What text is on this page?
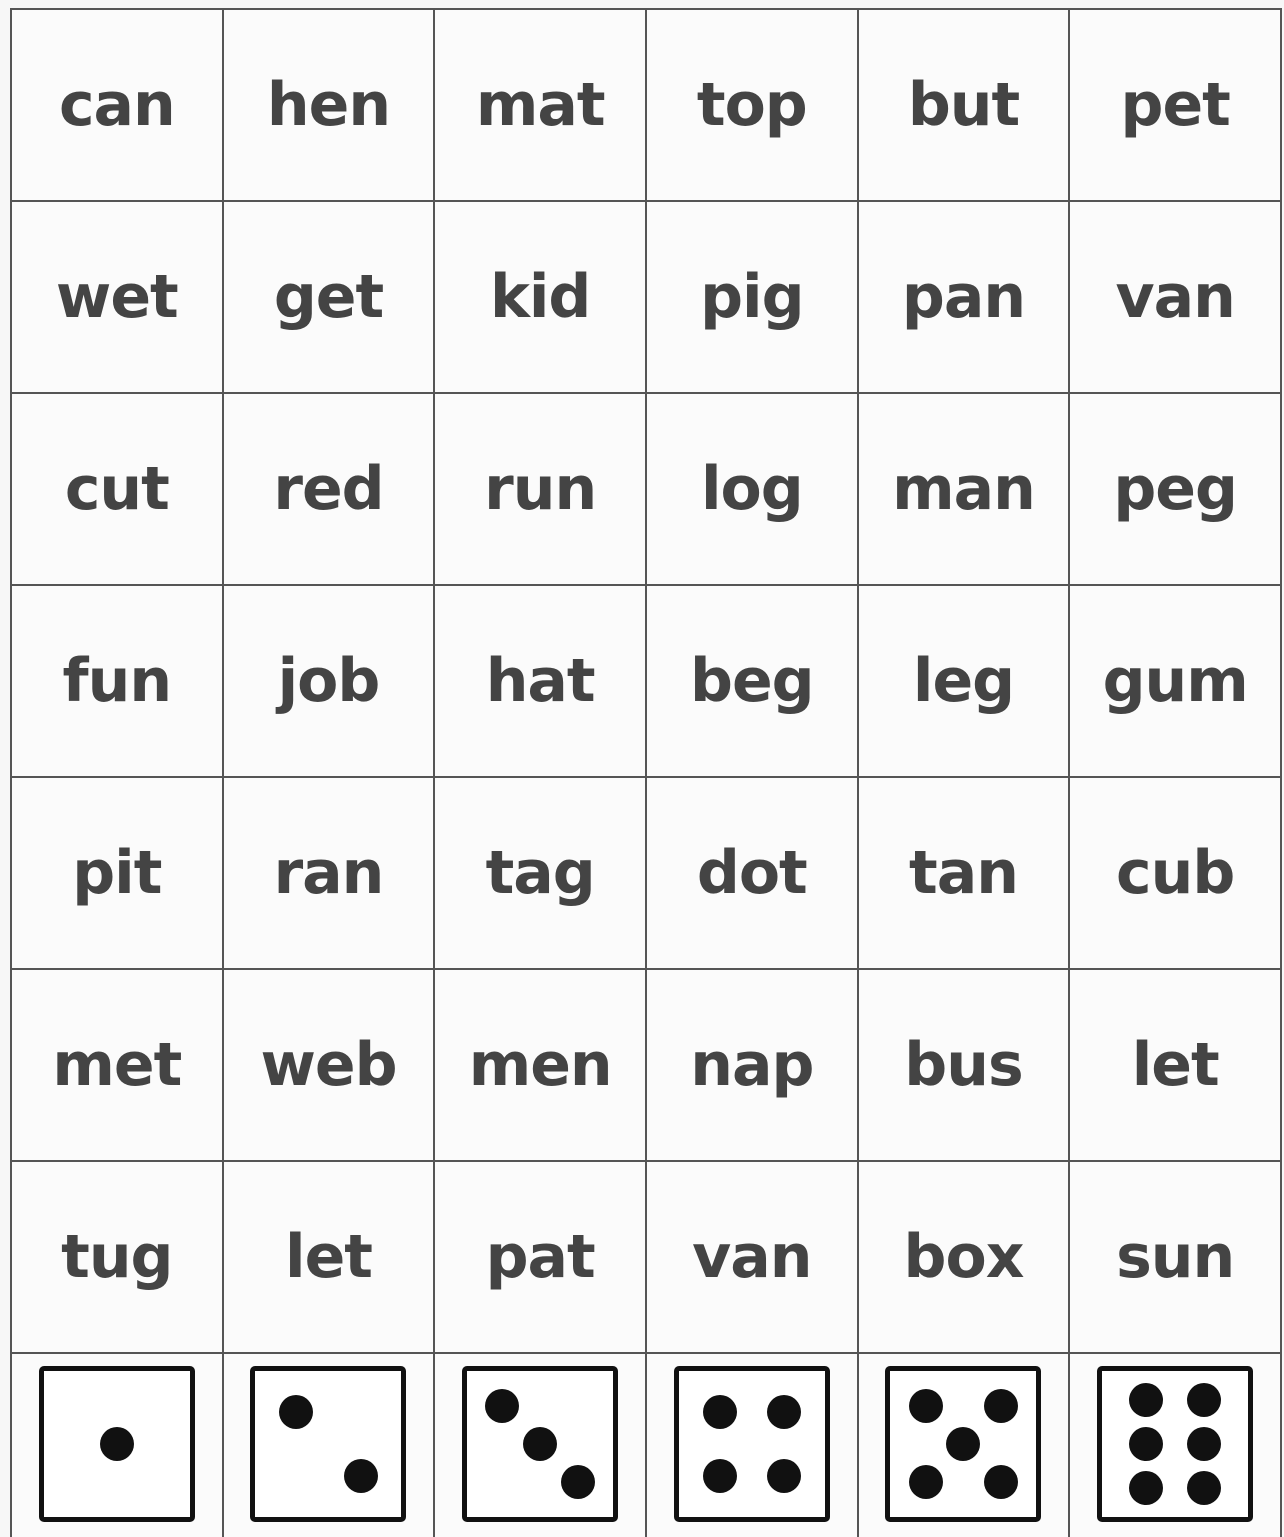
can hen mat top but pet
wet get kid pig pan van
cut red run log man peg
fun job hat beg leg gum
pit ran tag dot tan cub
met web men nap bus let
tug let pat van box sun
